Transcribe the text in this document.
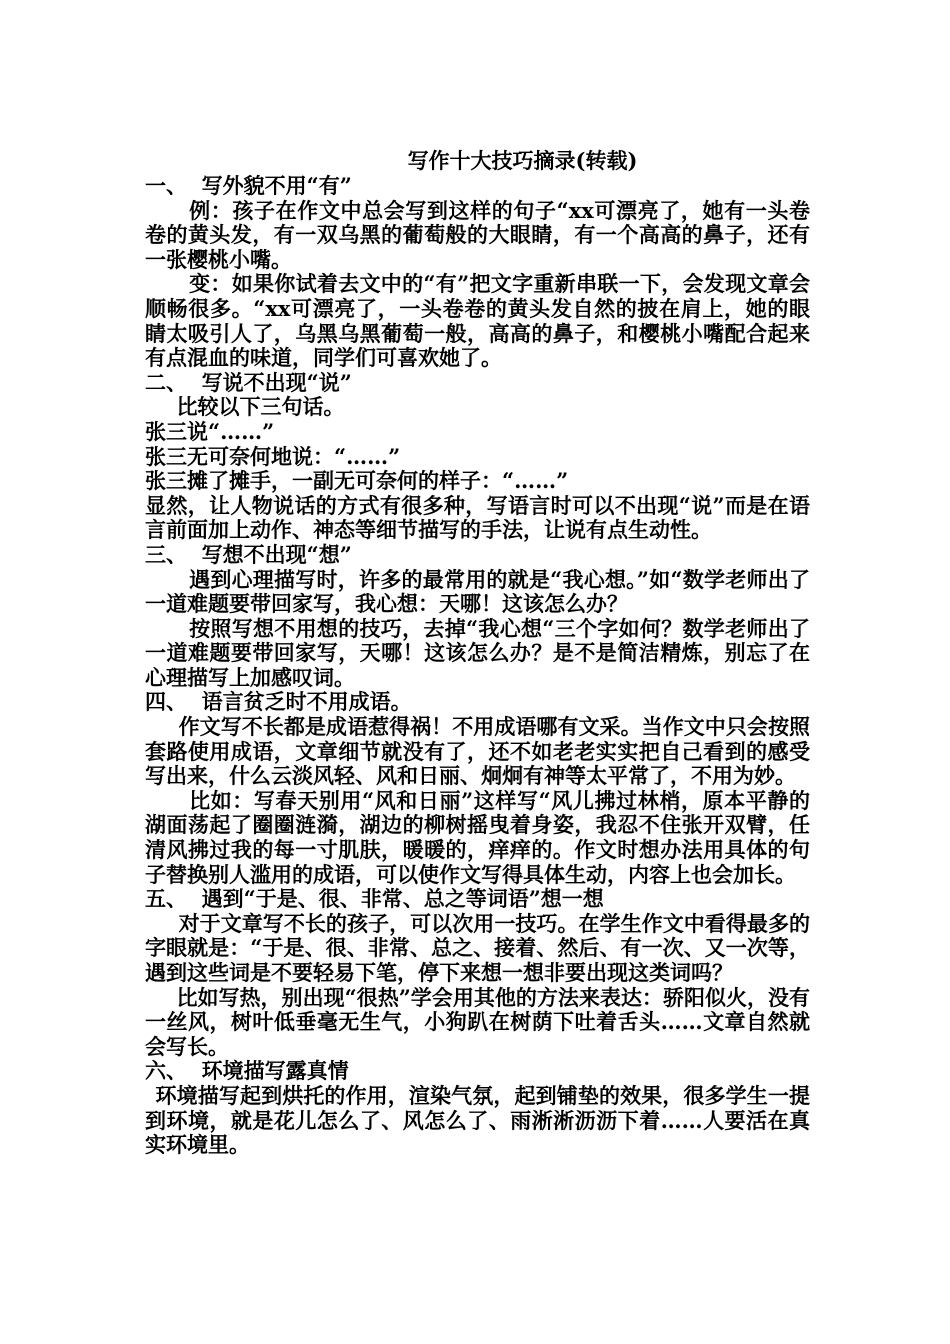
写作十大技巧摘录(转载)

一、  写外貌不用“有”

例：孩子在作文中总会写到这样的句子“xx可漂亮了，她有一头卷卷的黄头发，有一双乌黑的葡萄般的大眼睛，有一个高高的鼻子，还有一张樱桃小嘴。

变：如果你试着去文中的“有”把文字重新串联一下，会发现文章会顺畅很多。“xx可漂亮了，一头卷卷的黄头发自然的披在肩上，她的眼睛太吸引人了，乌黑乌黑葡萄一般，高高的鼻子，和樱桃小嘴配合起来有点混血的味道，同学们可喜欢她了。

二、  写说不出现“说”

比较以下三句话。

张三说“……”

张三无可奈何地说：“……”

张三摊了摊手，一副无可奈何的样子：“……”

显然，让人物说话的方式有很多种，写语言时可以不出现“说”而是在语言前面加上动作、神态等细节描写的手法，让说有点生动性。

三、  写想不出现“想”

遇到心理描写时，许多的最常用的就是“我心想。”如“数学老师出了一道难题要带回家写，我心想：天哪！这该怎么办？

按照写想不用想的技巧，去掉“我心想“三个字如何？数学老师出了一道难题要带回家写，天哪！这该怎么办？是不是简洁精炼，别忘了在心理描写上加感叹词。

四、  语言贫乏时不用成语。

作文写不长都是成语惹得祸！不用成语哪有文采。当作文中只会按照套路使用成语，文章细节就没有了，还不如老老实实把自己看到的感受写出来，什么云淡风轻、风和日丽、炯炯有神等太平常了，不用为妙。

比如：写春天别用“风和日丽”这样写“风儿拂过林梢，原本平静的湖面荡起了圈圈涟漪，湖边的柳树摇曳着身姿，我忍不住张开双臂，任清风拂过我的每一寸肌肤，暖暖的，痒痒的。作文时想办法用具体的句子替换别人滥用的成语，可以使作文写得具体生动，内容上也会加长。

五、  遇到“于是、很、非常、总之等词语”想一想

对于文章写不长的孩子，可以次用一技巧。在学生作文中看得最多的字眼就是：“于是、很、非常、总之、接着、然后、有一次、又一次等，遇到这些词是不要轻易下笔，停下来想一想非要出现这类词吗？

比如写热，别出现“很热”学会用其他的方法来表达：骄阳似火，没有一丝风，树叶低垂毫无生气，小狗趴在树荫下吐着舌头……文章自然就会写长。

六、  环境描写露真情

环境描写起到烘托的作用，渲染气氛，起到铺垫的效果，很多学生一提到环境，就是花儿怎么了、风怎么了、雨淅淅沥沥下着……人要活在真实环境里。
